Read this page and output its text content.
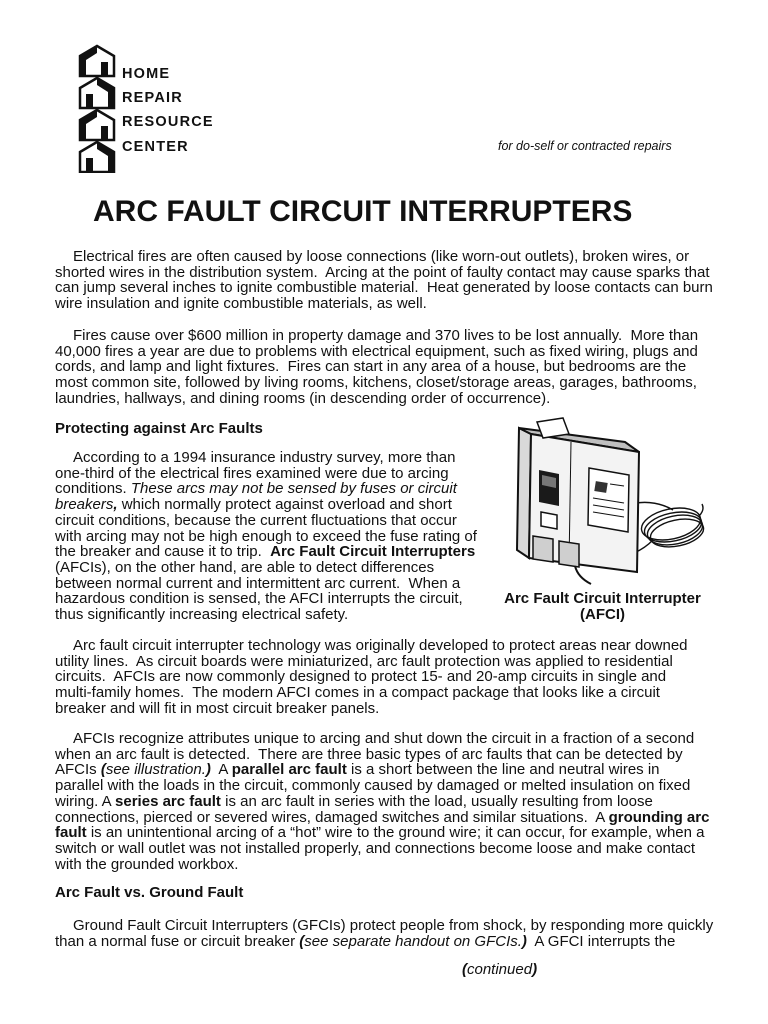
HOME
REPAIR
RESOURCE
CENTER	for do-self or contracted repairs
ARC FAULT CIRCUIT INTERRUPTERS
Electrical fires are often caused by loose connections (like worn-out outlets), broken wires, or
shorted wires in the distribution system.  Arcing at the point of faulty contact may cause sparks that
can jump several inches to ignite combustible material.  Heat generated by loose contacts can burn
wire insulation and ignite combustible materials, as well.
Fires cause over $600 million in property damage and 370 lives to be lost annually.  More than
40,000 fires a year are due to problems with electrical equipment, such as fixed wiring, plugs and
cords, and lamp and light fixtures.  Fires can start in any area of a house, but bedrooms are the
most common site, followed by living rooms, kitchens, closet/storage areas, garages, bathrooms,
laundries, hallways, and dining rooms (in descending order of occurrence).
Protecting against Arc Faults
According to a 1994 insurance industry survey, more than
one-third of the electrical fires examined were due to arcing
conditions. These arcs may not be sensed by fuses or circuit
breakers, which normally protect against overload and short
circuit conditions, because the current fluctuations that occur
with arcing may not be high enough to exceed the fuse rating of
the breaker and cause it to trip.  Arc Fault Circuit Interrupters
(AFCIs), on the other hand, are able to detect differences
between normal current and intermittent arc current.  When a
hazardous condition is sensed, the AFCI interrupts the circuit,
thus significantly increasing electrical safety.
Arc Fault Circuit Interrupter
(AFCI)
Arc fault circuit interrupter technology was originally developed to protect areas near downed
utility lines.  As circuit boards were miniaturized, arc fault protection was applied to residential
circuits.  AFCIs are now commonly designed to protect 15- and 20-amp circuits in single and
multi-family homes.  The modern AFCI comes in a compact package that looks like a circuit
breaker and will fit in most circuit breaker panels.
AFCIs recognize attributes unique to arcing and shut down the circuit in a fraction of a second
when an arc fault is detected.  There are three basic types of arc faults that can be detected by
AFCIs (see illustration.)  A parallel arc fault is a short between the line and neutral wires in
parallel with the loads in the circuit, commonly caused by damaged or melted insulation on fixed
wiring. A series arc fault is an arc fault in series with the load, usually resulting from loose
connections, pierced or severed wires, damaged switches and similar situations.  A grounding arc
fault is an unintentional arcing of a “hot” wire to the ground wire; it can occur, for example, when a
switch or wall outlet was not installed properly, and connections become loose and make contact
with the grounded workbox.
Arc Fault vs. Ground Fault
Ground Fault Circuit Interrupters (GFCIs) protect people from shock, by responding more quickly
than a normal fuse or circuit breaker (see separate handout on GFCIs.)  A GFCI interrupts the
(continued)
